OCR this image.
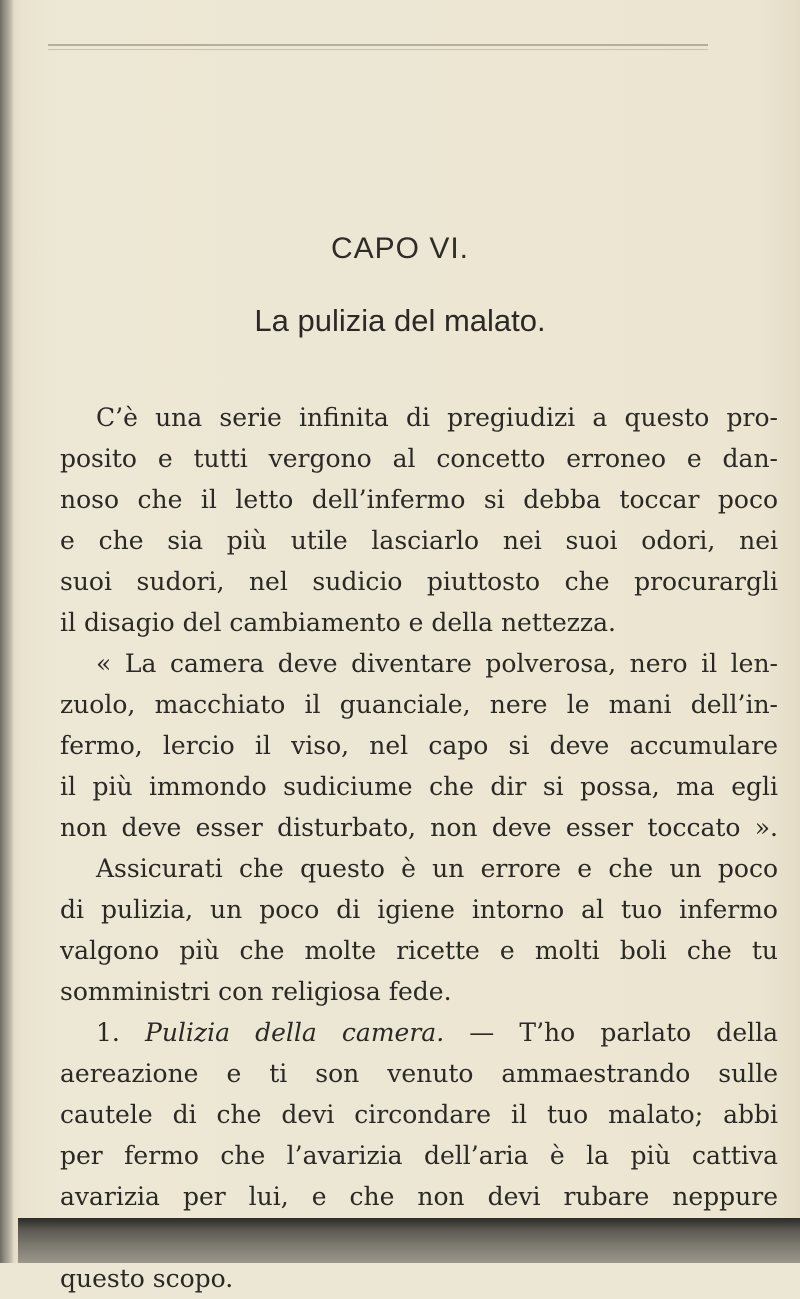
CAPO VI.
La pulizia del malato.
C’è una serie infinita di pregiudizi a questo pro-
posito e tutti vergono al concetto erroneo e dan-
noso che il letto dell’infermo si debba toccar poco
e che sia più utile lasciarlo nei suoi odori, nei
suoi sudori, nel sudicio piuttosto che procurargli
il disagio del cambiamento e della nettezza.
« La camera deve diventare polverosa, nero il len-
zuolo, macchiato il guanciale, nere le mani dell’in-
fermo, lercio il viso, nel capo si deve accumulare
il più immondo sudiciume che dir si possa, ma egli
non deve esser disturbato, non deve esser toccato ».
Assicurati che questo è un errore e che un poco
di pulizia, un poco di igiene intorno al tuo infermo
valgono più che molte ricette e molti boli che tu
somministri con religiosa fede.
1. Pulizia della camera. — T’ho parlato della
aereazione e ti son venuto ammaestrando sulle
cautele di che devi circondare il tuo malato; abbi
per fermo che l’avarizia dell’aria è la più cattiva
avarizia per lui, e che non devi rubare neppure
questo scopo.
